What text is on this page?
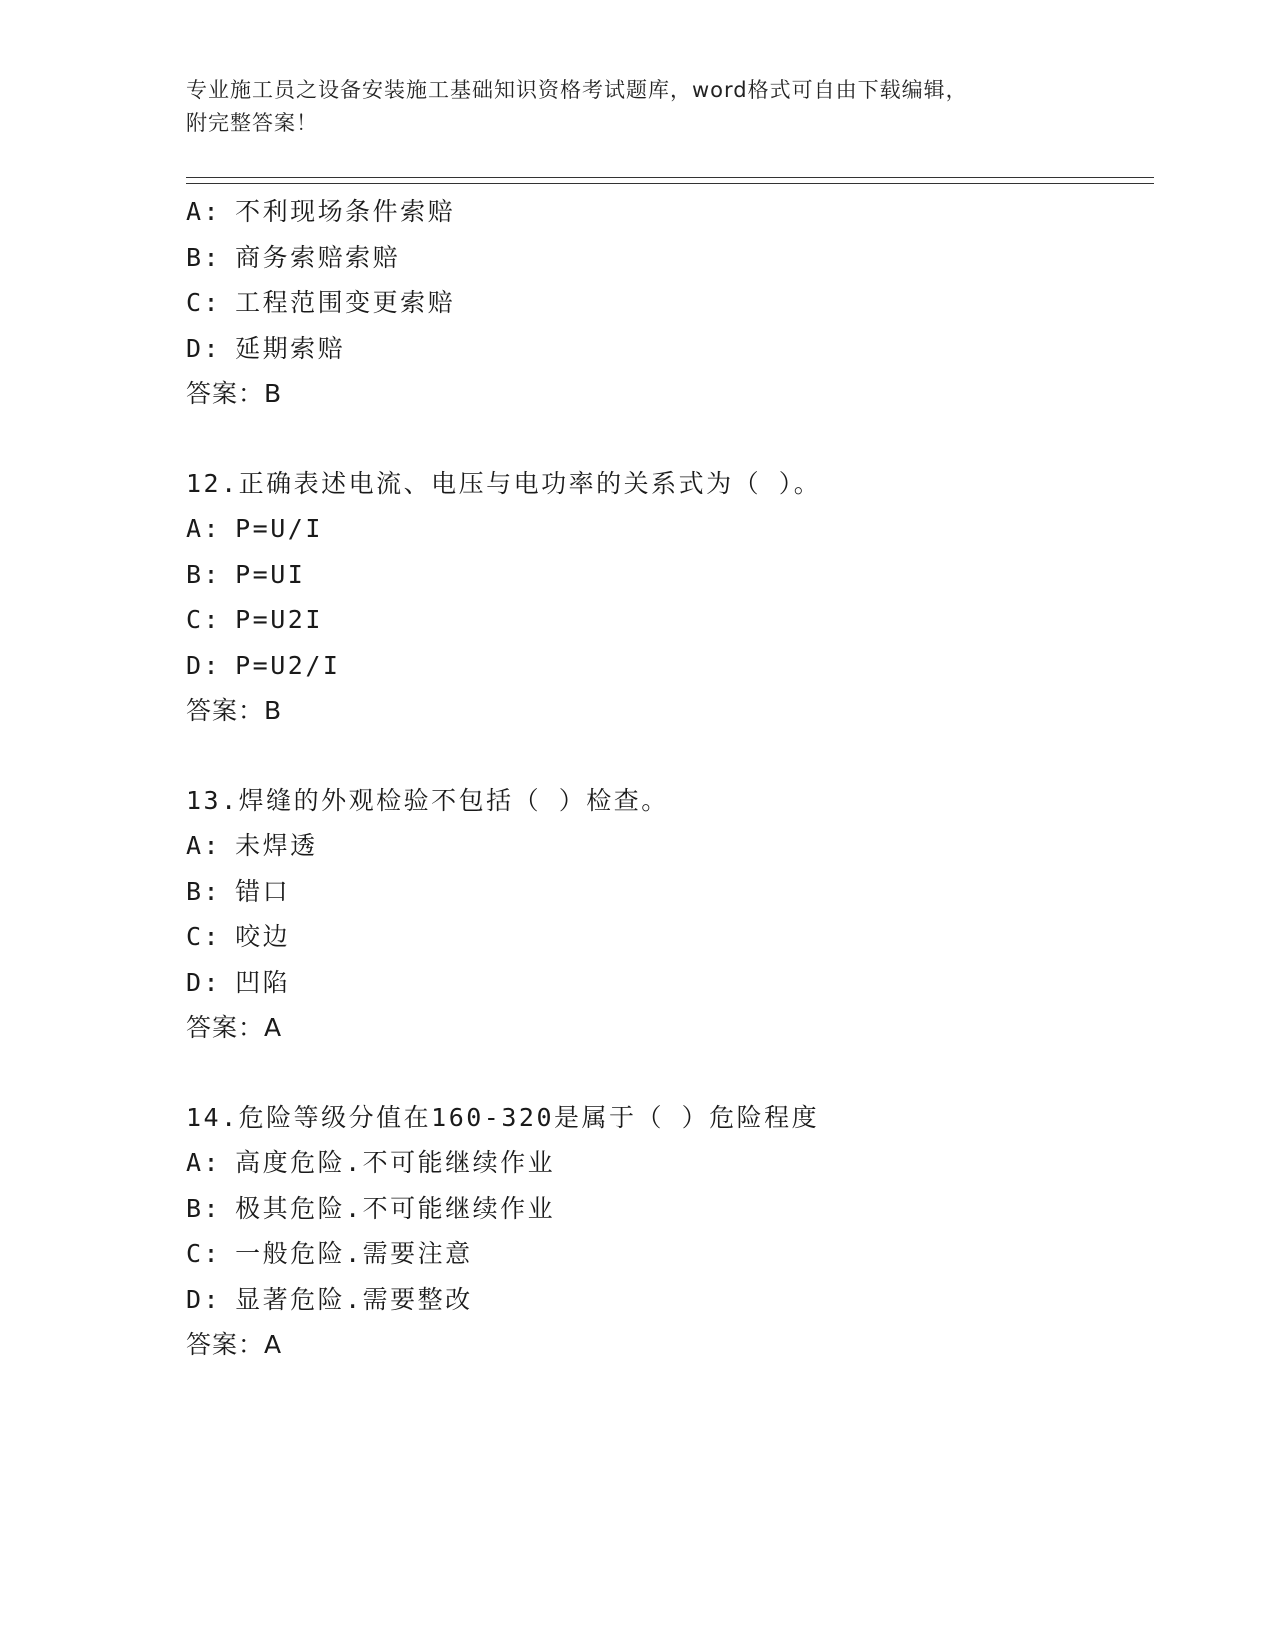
专业施工员之设备安装施工基础知识资格考试题库，word格式可自由下载编辑，
附完整答案！
A: 不利现场条件索赔
B: 商务索赔索赔
C: 工程范围变更索赔
D: 延期索赔
答案：B
12.正确表述电流、电压与电功率的关系式为（ ）。
A: P=U/I
B: P=UI
C: P=U2I
D: P=U2/I
答案：B
13.焊缝的外观检验不包括（ ）检查。
A: 未焊透
B: 错口
C: 咬边
D: 凹陷
答案：A
14.危险等级分值在160-320是属于（ ）危险程度
A: 高度危险.不可能继续作业
B: 极其危险.不可能继续作业
C: 一般危险.需要注意
D: 显著危险.需要整改
答案：A
